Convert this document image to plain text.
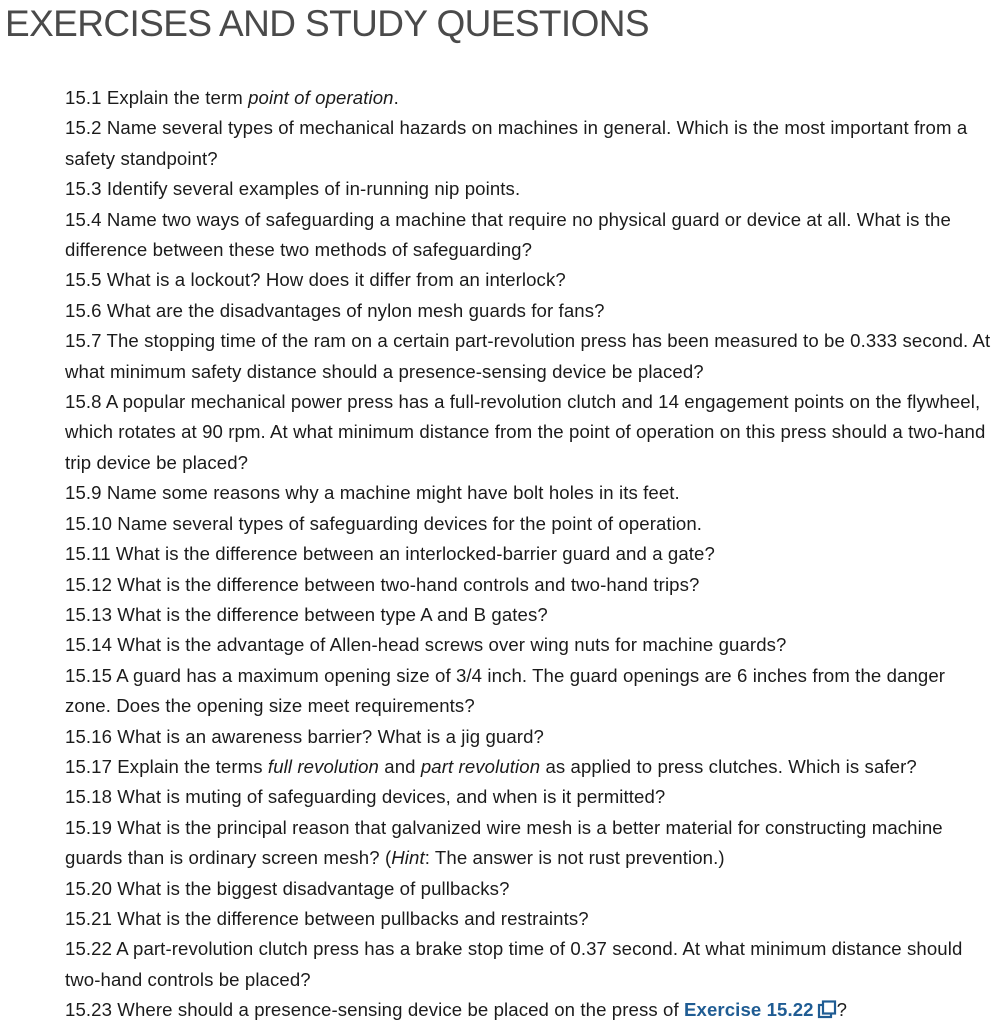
EXERCISES AND STUDY QUESTIONS
15.1 Explain the term point of operation.
15.2 Name several types of mechanical hazards on machines in general. Which is the most important from a safety standpoint?
15.3 Identify several examples of in-running nip points.
15.4 Name two ways of safeguarding a machine that require no physical guard or device at all. What is the difference between these two methods of safeguarding?
15.5 What is a lockout? How does it differ from an interlock?
15.6 What are the disadvantages of nylon mesh guards for fans?
15.7 The stopping time of the ram on a certain part-revolution press has been measured to be 0.333 second. At what minimum safety distance should a presence-sensing device be placed?
15.8 A popular mechanical power press has a full-revolution clutch and 14 engagement points on the flywheel, which rotates at 90 rpm. At what minimum distance from the point of operation on this press should a two-hand trip device be placed?
15.9 Name some reasons why a machine might have bolt holes in its feet.
15.10 Name several types of safeguarding devices for the point of operation.
15.11 What is the difference between an interlocked-barrier guard and a gate?
15.12 What is the difference between two-hand controls and two-hand trips?
15.13 What is the difference between type A and B gates?
15.14 What is the advantage of Allen-head screws over wing nuts for machine guards?
15.15 A guard has a maximum opening size of 3/4 inch. The guard openings are 6 inches from the danger zone. Does the opening size meet requirements?
15.16 What is an awareness barrier? What is a jig guard?
15.17 Explain the terms full revolution and part revolution as applied to press clutches. Which is safer?
15.18 What is muting of safeguarding devices, and when is it permitted?
15.19 What is the principal reason that galvanized wire mesh is a better material for constructing machine guards than is ordinary screen mesh? (Hint: The answer is not rust prevention.)
15.20 What is the biggest disadvantage of pullbacks?
15.21 What is the difference between pullbacks and restraints?
15.22 A part-revolution clutch press has a brake stop time of 0.37 second. At what minimum distance should two-hand controls be placed?
15.23 Where should a presence-sensing device be placed on the press of Exercise 15.22 ?
